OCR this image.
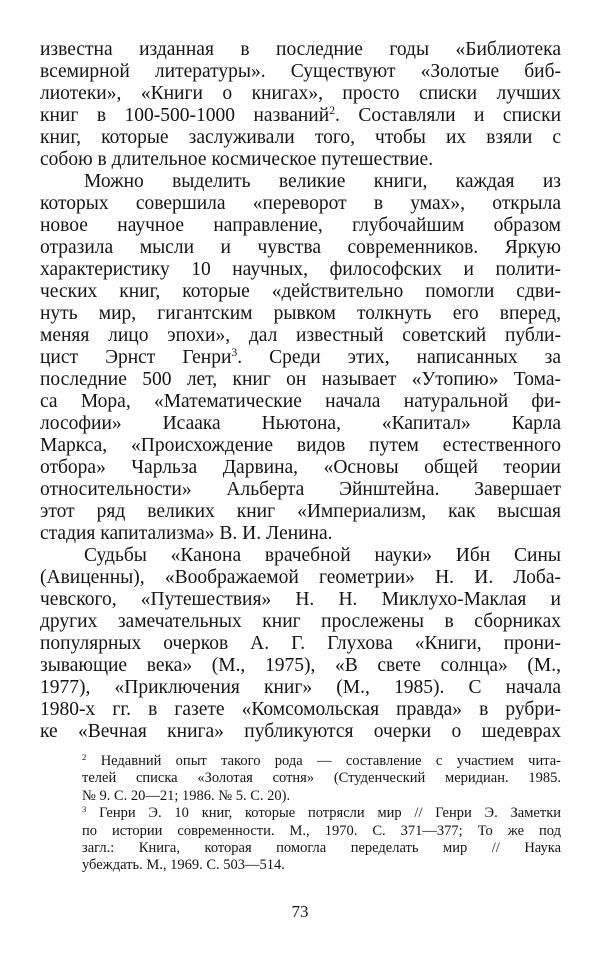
известна изданная в последние годы «Библиотека
всемирной литературы». Существуют «Золотые биб-
лиотеки», «Книги о книгах», просто списки лучших
книг в 100-500-1000 названий$^2$. Составляли и списки
книг, которые заслуживали того, чтобы их взяли с
собою в длительное космическое путешествие.
Можно выделить великие книги, каждая из
которых совершила «переворот в умах», открыла
новое научное направление, глубочайшим образом
отразила мысли и чувства современников. Яркую
характеристику 10 научных, философских и полити-
ческих книг, которые «действительно помогли сдви-
нуть мир, гигантским рывком толкнуть его вперед,
меняя лицо эпохи», дал известный советский публи-
цист Эрнст Генри$^3$. Среди этих, написанных за
последние 500 лет, книг он называет «Утопию» Тома-
са Мора, «Математические начала натуральной фи-
лософии» Исаака Ньютона, «Капитал» Карла
Маркса, «Происхождение видов путем естественного
отбора» Чарльза Дарвина, «Основы общей теории
относительности» Альберта Эйнштейна. Завершает
этот ряд великих книг «Империализм, как высшая
стадия капитализма» В. И. Ленина.
Судьбы «Канона врачебной науки» Ибн Сины
(Авиценны), «Воображаемой геометрии» Н. И. Лоба-
чевского, «Путешествия» Н. Н. Миклухо-Маклая и
других замечательных книг прослежены в сборниках
популярных очерков А. Г. Глухова «Книги, прони-
зывающие века» (М., 1975), «В свете солнца» (М.,
1977), «Приключения книг» (М., 1985). С начала
1980-х гг. в газете «Комсомольская правда» в рубри-
ке «Вечная книга» публикуются очерки о шедеврах
$^2$ Недавний опыт такого рода — составление с участием чита-
телей списка «Золотая сотня» (Студенческий меридиан. 1985.
№ 9. С. 20—21; 1986. № 5. С. 20).
$^3$ Генри Э. 10 книг, которые потрясли мир // Генри Э. Заметки
по истории современности. М., 1970. С. 371—377; То же под
загл.: Книга, которая помогла переделать мир // Наука
убеждать. М., 1969. С. 503—514.
73
